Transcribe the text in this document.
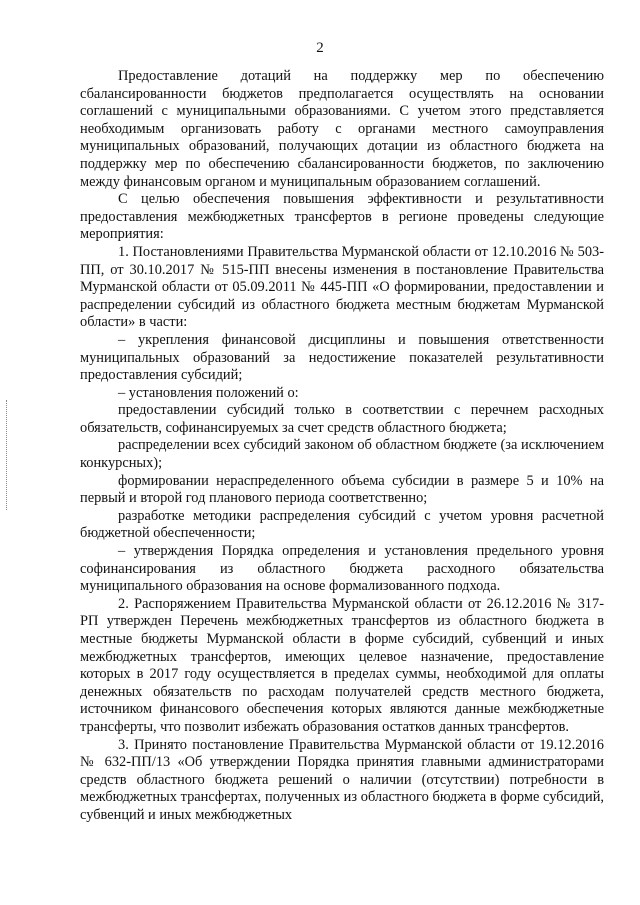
2

Предоставление дотаций на поддержку мер по обеспечению сбалансированности бюджетов предполагается осуществлять на основании соглашений с муниципальными образованиями. С учетом этого представляется необходимым организовать работу с органами местного самоуправления муниципальных образований, получающих дотации из областного бюджета на поддержку мер по обеспечению сбалансированности бюджетов, по заключению между финансовым органом и муниципальным образованием соглашений.

С целью обеспечения повышения эффективности и результативности предоставления межбюджетных трансфертов в регионе проведены следующие мероприятия:

1. Постановлениями Правительства Мурманской области от 12.10.2016 № 503-ПП, от 30.10.2017 № 515-ПП внесены изменения в постановление Правительства Мурманской области от 05.09.2011 № 445-ПП «О формировании, предоставлении и распределении субсидий из областного бюджета местным бюджетам Мурманской области» в части:

– укрепления финансовой дисциплины и повышения ответственности муниципальных образований за недостижение показателей результативности предоставления субсидий;

– установления положений о:

предоставлении субсидий только в соответствии с перечнем расходных обязательств, софинансируемых за счет средств областного бюджета;

распределении всех субсидий законом об областном бюджете (за исключением конкурсных);

формировании нераспределенного объема субсидии в размере 5 и 10% на первый и второй год планового периода соответственно;

разработке методики распределения субсидий с учетом уровня расчетной бюджетной обеспеченности;

– утверждения Порядка определения и установления предельного уровня софинансирования из областного бюджета расходного обязательства муниципального образования на основе формализованного подхода.

2. Распоряжением Правительства Мурманской области от 26.12.2016 № 317-РП утвержден Перечень межбюджетных трансфертов из областного бюджета в местные бюджеты Мурманской области в форме субсидий, субвенций и иных межбюджетных трансфертов, имеющих целевое назначение, предоставление которых в 2017 году осуществляется в пределах суммы, необходимой для оплаты денежных обязательств по расходам получателей средств местного бюджета, источником финансового обеспечения которых являются данные межбюджетные трансферты, что позволит избежать образования остатков данных трансфертов.

3. Принято постановление Правительства Мурманской области от 19.12.2016 № 632-ПП/13 «Об утверждении Порядка принятия главными администраторами средств областного бюджета решений о наличии (отсутствии) потребности в межбюджетных трансфертах, полученных из областного бюджета в форме субсидий, субвенций и иных межбюджетных
